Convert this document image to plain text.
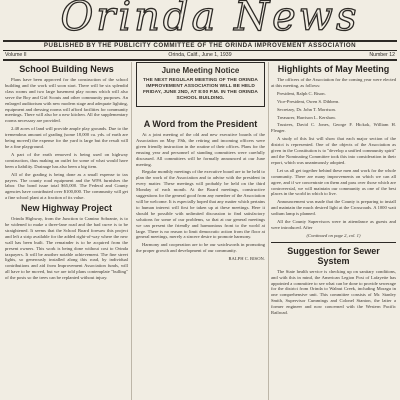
Orinda News
PUBLISHED BY THE PUBLICITY COMMITTEE OF THE ORINDA IMPROVEMENT ASSOCIATION
Volume II	Orinda, Calif., June 1, 1939	Number 12
School Building News

Plans have been approved for the construction of the school building and the work will soon start. There will be six splendid class rooms and two large basement play rooms which will also serve the Boy and Girl Scouts and other community purposes. An enlarged auditorium with new modern stage and adequate lighting, equipment and dressing rooms will afford facilities for community meetings. There will also be a new kitchen. All the supplementary rooms necessary are provided.

2.48 acres of land will provide ample play grounds. Due to the tremendous amount of grading (some 18,000 cu. yds. of earth are being moved) the expense for the yard is large but the result will be a fine playground.

A part of the earth removed is being used on highway construction, thus making an outlet for some of what would have been a liability. Drainage has also been a big item.

All of the grading is being done as a small expense to tax payers. The county road equipment and the WPA furnishes the labor. Our bond issue total $65,000. The Federal and County agencies have contributed over $100,000. The community will get a fine school plant at a fraction of its value.

New Highway Project

Orinda Highway, from the Junction to Camino Sobrante, is to be widened to make a three-lane road and the bad curve is to be straightened. It seems that the School Board foresaw this project and left a strip available for the added right-of-way where the new wall has been built. The remainder is to be acquired from the present owners. This work is being done without cost to Orinda taxpayers. It will be another notable achievement. The fine street lights, so generously installed along this road, by individual contributions and aid from Improvement Association funds, will all have to be moved, but we are told plans contemplate "bulling" of the posts so the trees can be replanted without injury.

June Meeting Notice
THE NEXT REGULAR MEETING OF THE ORINDA IMPROVEMENT ASSOCIATION WILL BE HELD FRIDAY, JUNE 2ND, AT 8:00 P.M. IN THE ORINDA SCHOOL BUILDING.
A Word from the President

At a joint meeting of the old and new executive boards of the Association on May 19th, the retiring and incoming officers were given friendly instruction in the routine of their offices. Plans for the ensuing year and personnel of standing committees were carefully discussed. All committees will be formally announced at our June meeting.

Regular monthly meetings of the executive board are to be held to plan the work of the Association and to advise with the president in every matter. These meetings will probably be held on the third Monday of each month. At the Board meetings, constructive suggestions for the general good from any member of the Association will be welcome. It is especially hoped that any matter which pertains to human interest will first be taken up at these meetings. Here it should be possible with unlimited discussion to find satisfactory solutions for some of our problems, so that at our general meetings we can present the friendly and harmonious front to the world at large. There is no reason to limit democratic action from the floor at general meetings, merely a sincere desire to promote harmony.

Harmony and cooperation are to be our watchwords in promoting the proper growth and development of our community.

RALPH C. BISON.
Highlights of May Meeting

The officers of the Association for the coming year were elected at this meeting, as follows:

President, Ralph C. Bison.

Vice-President, Owen S. Dibbern.

Secretary, Dr. John T. Morrison.

Treasurer, Harrison L. Kershaw.

Trustees, David C. Jones, George F. Hickok, William H. Fleager.

A study of this list will show that each major section of the district is represented. One of the objects of the Association as given in the Constitution is to "develop a unified community spirit" and the Nominating Committee took this into consideration in their report, which was unanimously adopted.

Let us all get together behind these men and work for the whole community. There are many improvements on which we can all agree, and if we concentrate on them and pass over those which are controversial, we will maintain our community as one of the best places in the world in which to live.

Announcement was made that the County is preparing to install and maintain the much desired light at the Crossroads. A 1000 watt sodium lamp is planned.

All the County Supervisors were in attendance as guests and were introduced. After

(Continued on page 2, col. 1)
Suggestion for Sewer System

The State health service is checking up on sanitary conditions, and with this in mind, the American Legion Post of Lafayette has appointed a committee to see what can be done to provide sewerage for the district from Orinda to Walnut Creek, including Moraga in one comprehensive unit. This committee consists of Mr. Stanley Smith, Supervisor Cummings and Colonel Stanton, the latter a former engineer and now concerned with the Western Pacific Railroad.
